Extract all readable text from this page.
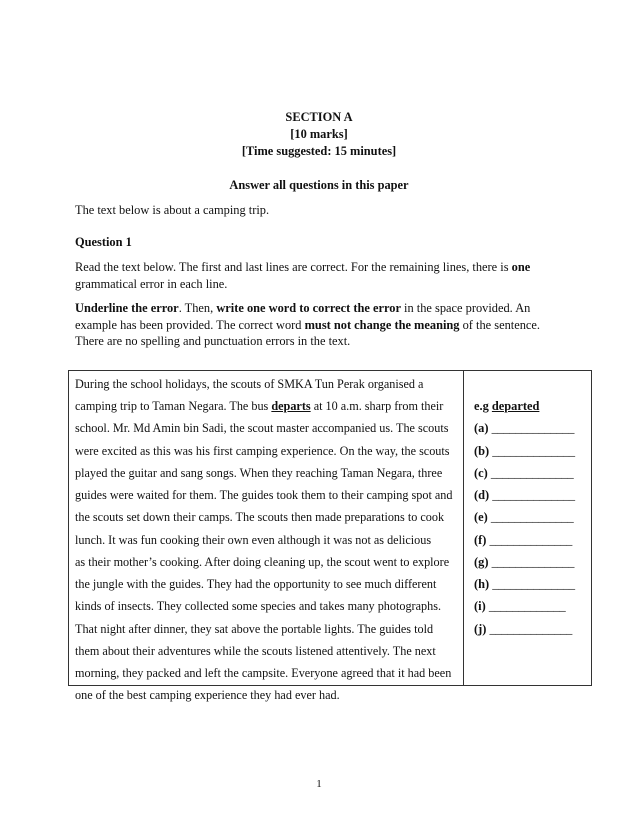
SECTION A
[10 marks]
[Time suggested: 15 minutes]
Answer all questions in this paper
The text below is about a camping trip.
Question 1
Read the text below. The first and last lines are correct. For the remaining lines, there is one grammatical error in each line.
Underline the error. Then, write one word to correct the error in the space provided. An example has been provided. The correct word must not change the meaning of the sentence. There are no spelling and punctuation errors in the text.
During the school holidays, the scouts of SMKA Tun Perak organised a
camping trip to Taman Negara. The bus departs at 10 a.m. sharp from their
school. Mr. Md Amin bin Sadi, the scout master accompanied us. The scouts
were excited as this was his first camping experience. On the way, the scouts
played the guitar and sang songs. When they reaching Taman Negara, three
guides were waited for them. The guides took them to their camping spot and
the scouts set down their camps. The scouts then made preparations to cook
lunch. It was fun cooking their own even although it was not as delicious
as their mother’s cooking. After doing cleaning up, the scout went to explore
the jungle with the guides. They had the opportunity to see much different
kinds of insects. They collected some species and takes many photographs.
That night after dinner, they sat above the portable lights. The guides told
them about their adventures while the scouts listened attentively. The next
morning, they packed and left the campsite. Everyone agreed that it had been
one of the best camping experience they had ever had.
e.g departed
(a) ______________
(b) ______________
(c) ______________
(d) ______________
(e) ______________
(f) ______________
(g) ______________
(h) ______________
(i) _____________
(j) ______________
1
